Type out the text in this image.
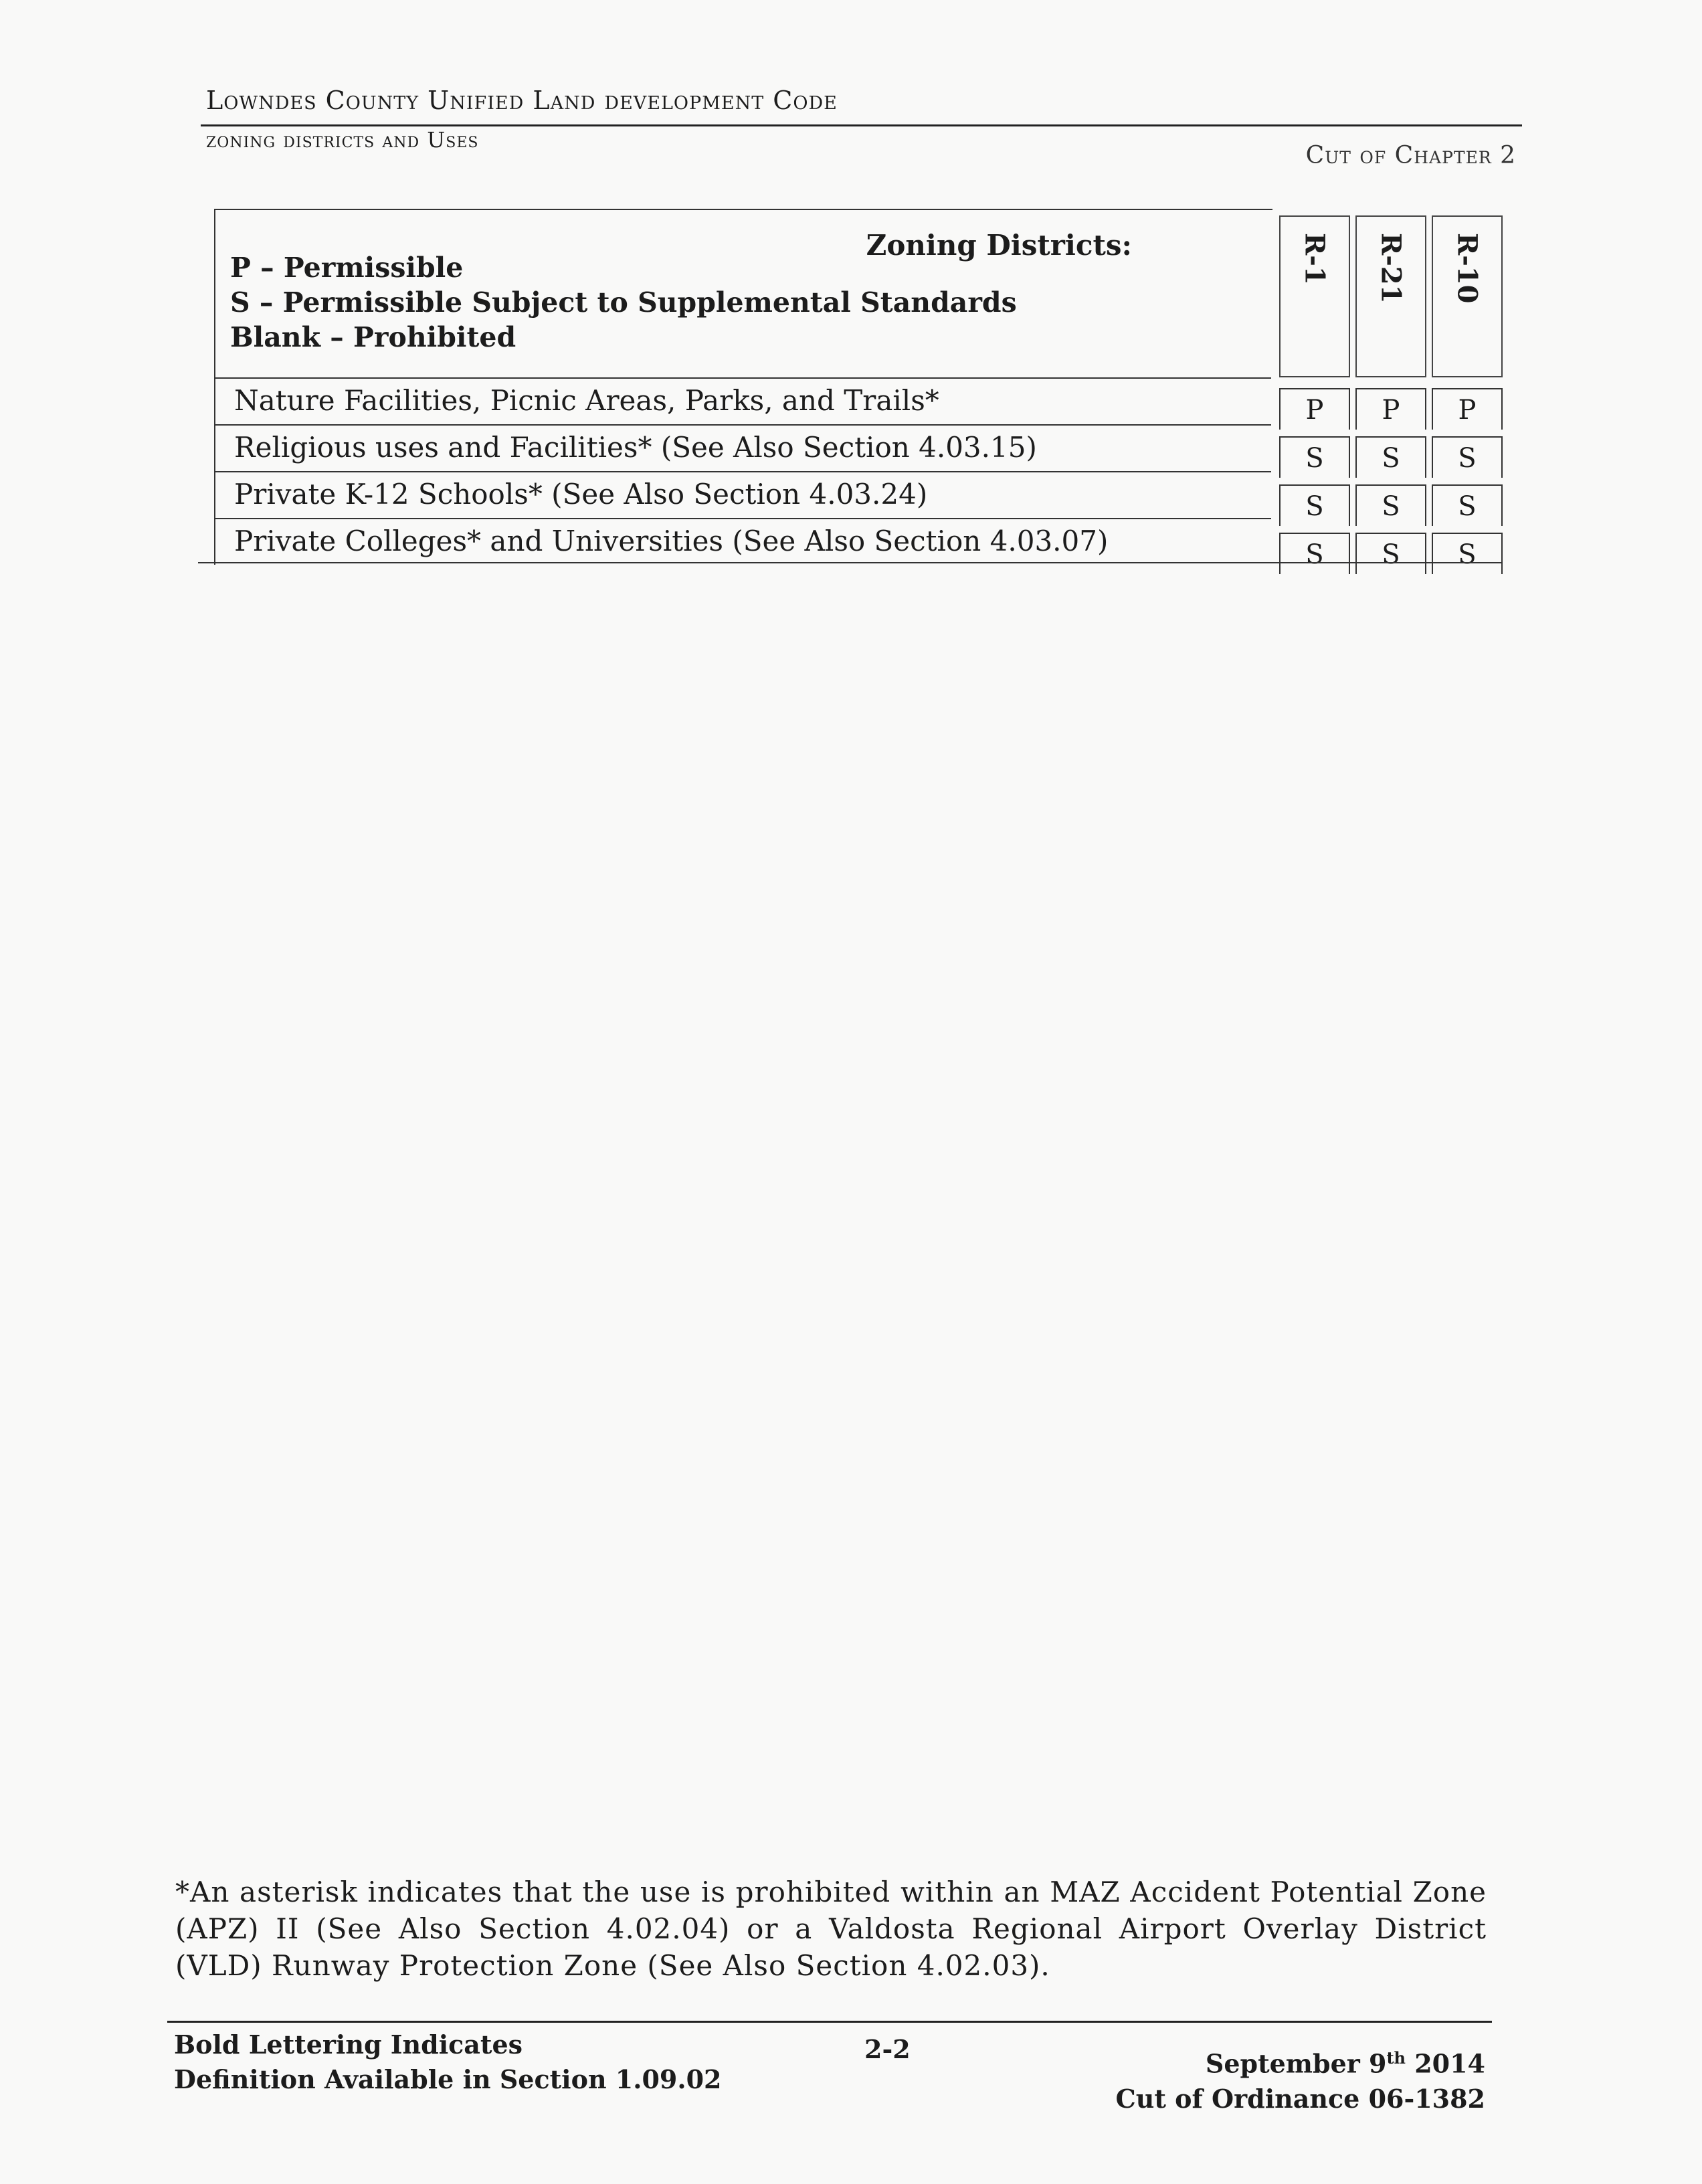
Lowndes County Unified Land development Code
zoning districts and Uses
Cut of Chapter 2
Zoning Districts:
P – Permissible
S – Permissible Subject to Supplemental Standards
Blank – Prohibited
R-1 R-21 R-10
Nature Facilities, Picnic Areas, Parks, and Trails*	P	P	P
Religious uses and Facilities* (See Also Section 4.03.15)	S	S	S
Private K-12 Schools* (See Also Section 4.03.24)	S	S	S
Private Colleges* and Universities (See Also Section 4.03.07)	S	S	S
*An asterisk indicates that the use is prohibited within an MAZ Accident Potential Zone (APZ) II (See Also Section 4.02.04) or a Valdosta Regional Airport Overlay District (VLD) Runway Protection Zone (See Also Section 4.02.03).
Bold Lettering Indicates
Definition Available in Section 1.09.02
2-2	September 9th 2014
Cut of Ordinance 06-1382
